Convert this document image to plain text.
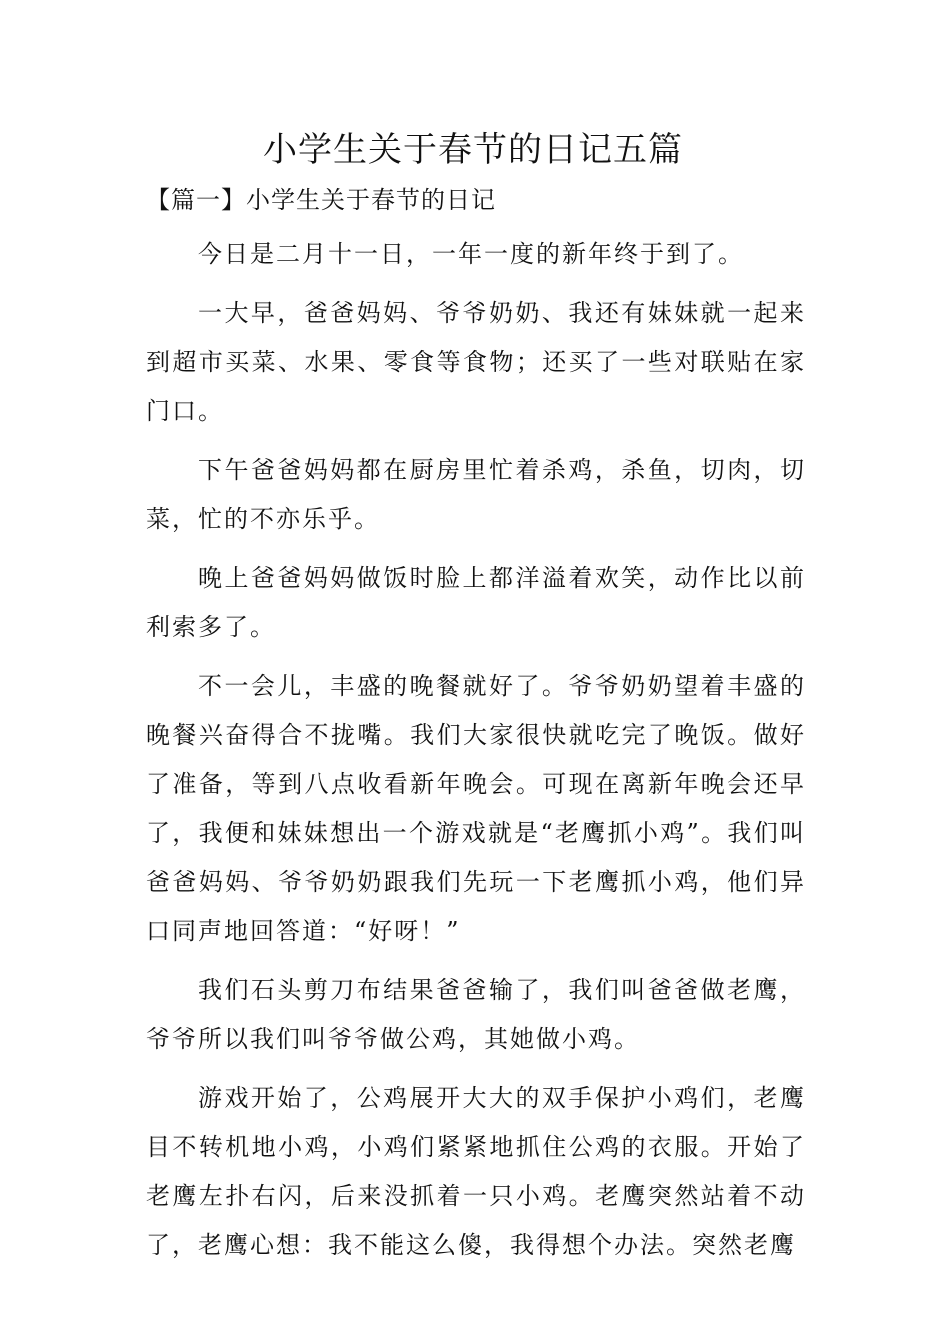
小学生关于春节的日记五篇
【篇一】小学生关于春节的日记

今日是二月十一日，一年一度的新年终于到了。

一大早，爸爸妈妈、爷爷奶奶、我还有妹妹就一起来到超市买菜、水果、零食等食物；还买了一些对联贴在家门口。

下午爸爸妈妈都在厨房里忙着杀鸡，杀鱼，切肉，切菜，忙的不亦乐乎。

晚上爸爸妈妈做饭时脸上都洋溢着欢笑，动作比以前利索多了。

不一会儿，丰盛的晚餐就好了。爷爷奶奶望着丰盛的晚餐兴奋得合不拢嘴。我们大家很快就吃完了晚饭。做好了准备，等到八点收看新年晚会。可现在离新年晚会还早了，我便和妹妹想出一个游戏就是“老鹰抓小鸡”。我们叫爸爸妈妈、爷爷奶奶跟我们先玩一下老鹰抓小鸡，他们异口同声地回答道：“好呀！”

我们石头剪刀布结果爸爸输了，我们叫爸爸做老鹰，爷爷所以我们叫爷爷做公鸡，其她做小鸡。

游戏开始了，公鸡展开大大的双手保护小鸡们，老鹰目不转机地小鸡，小鸡们紧紧地抓住公鸡的衣服。开始了老鹰左扑右闪，后来没抓着一只小鸡。老鹰突然站着不动了，老鹰心想：我不能这么傻，我得想个办法。突然老鹰
